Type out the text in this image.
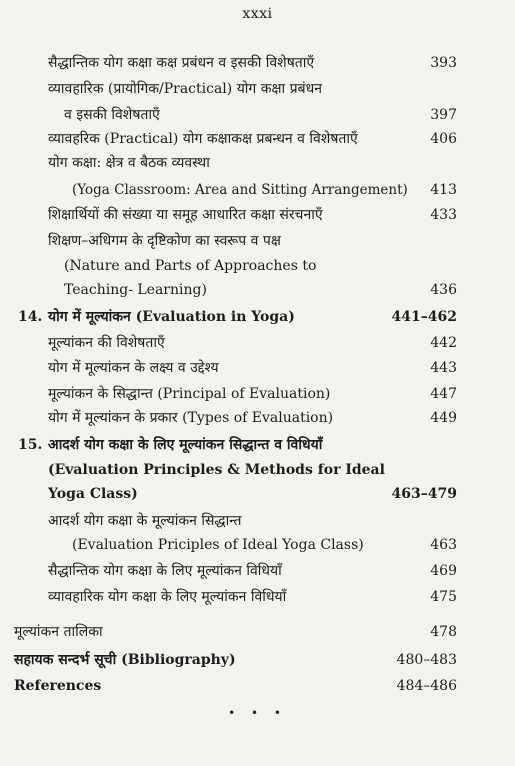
xxxi
सैद्धान्तिक योग कक्षा कक्ष प्रबंधन व इसकी विशेषताएँ	393
व्यावहारिक (प्रायोगिक/Practical) योग कक्षा प्रबंधन
व इसकी विशेषताएँ	397
व्यावहरिक (Practical) योग कक्षाकक्ष प्रबन्धन व विशेषताएँ	406
योग कक्षा: क्षेत्र व बैठक व्यवस्था
(Yoga Classroom: Area and Sitting Arrangement) 413
शिक्षार्थियों की संख्या या समूह आधारित कक्षा संरचनाएँ	433
शिक्षण–अधिगम के दृष्टिकोण का स्वरूप व पक्ष
(Nature and Parts of Approaches to
Teaching- Learning)	436
14. योग में मूल्यांकन (Evaluation in Yoga)	441–462
मूल्यांकन की विशेषताएँ	442
योग में मूल्यांकन के लक्ष्य व उद्देश्य	443
मूल्यांकन के सिद्धान्त (Principal of Evaluation)	447
योग में मूल्यांकन के प्रकार (Types of Evaluation)	449
15. आदर्श योग कक्षा के लिए मूल्यांकन सिद्धान्त व विधियाँ
(Evaluation Principles & Methods for Ideal
Yoga Class)	463–479
आदर्श योग कक्षा के मूल्यांकन सिद्धान्त
(Evaluation Priciples of Ideal Yoga Class)	463
सैद्धान्तिक योग कक्षा के लिए मूल्यांकन विधियाँ	469
व्यावहारिक योग कक्षा के लिए मूल्यांकन विधियाँ	475
मूल्यांकन तालिका	478
सहायक सन्दर्भ सूची (Bibliography)	480–483
References	484–486
• • •
